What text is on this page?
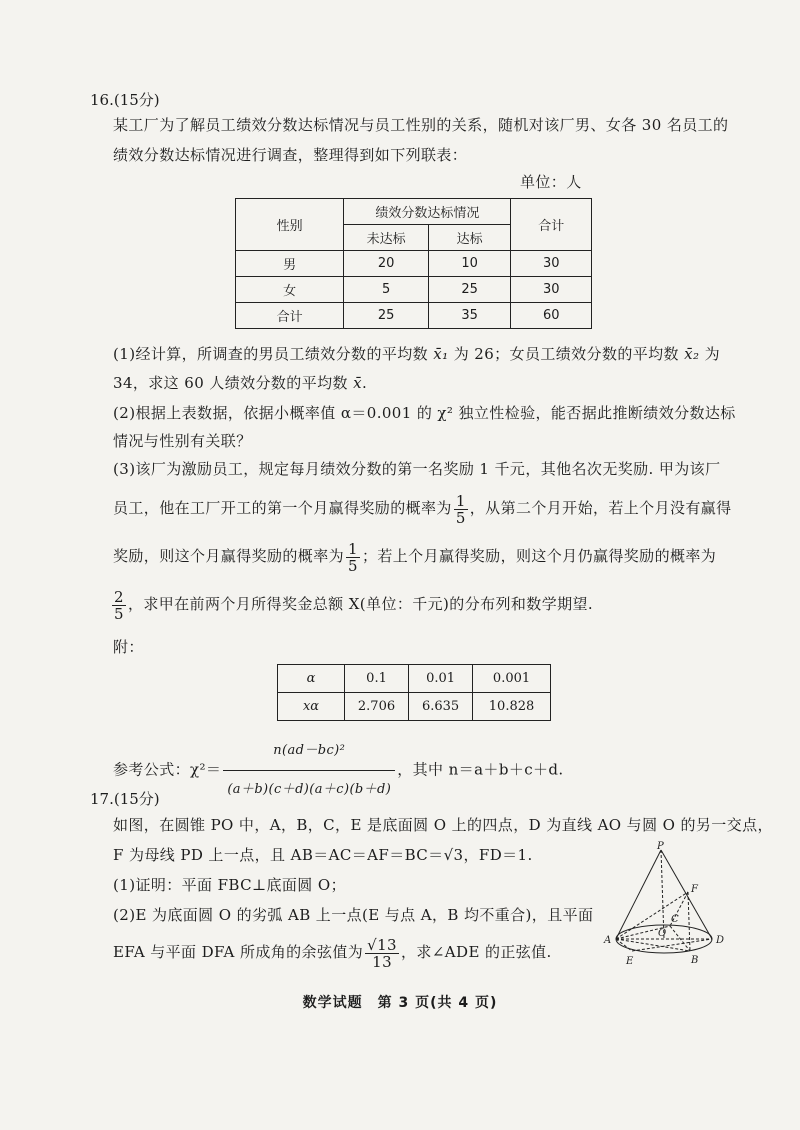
16.(15分)
某工厂为了解员工绩效分数达标情况与员工性别的关系，随机对该厂男、女各 30 名员工的
绩效分数达标情况进行调查，整理得到如下列联表：
单位：人
性别	绩效分数达标情况		合计
	未达标	达标	
男	20	10	30
女	5	25	30
合计	25	35	60
(1)经计算，所调查的男员工绩效分数的平均数 x̄₁ 为 26；女员工绩效分数的平均数 x̄₂ 为
34，求这 60 人绩效分数的平均数 x̄.
(2)根据上表数据，依据小概率值 α＝0.001 的 χ² 独立性检验，能否据此推断绩效分数达标
情况与性别有关联？
(3)该厂为激励员工，规定每月绩效分数的第一名奖励 1 千元，其他名次无奖励. 甲为该厂
员工，他在工厂开工的第一个月赢得奖励的概率为 $\frac{1}{5}$ ，从第二个月开始，若上个月没有赢得
奖励，则这个月赢得奖励的概率为 $\frac{1}{5}$ ；若上个月赢得奖励，则这个月仍赢得奖励的概率为
$\frac{2}{5}$ ，求甲在前两个月所得奖金总额 X(单位：千元)的分布列和数学期望.
附：
α	0.1	0.01	0.001
xα	2.706	6.635	10.828
参考公式：$\chi^2= \frac{\text{n(ad－bc)²}}{(a+b)(c+d)(a+c)(b+d)}$ ，其中 n＝a＋b＋c＋d.
17.(15分)
如图，在圆锥 PO 中，A，B，C，E 是底面圆 O 上的四点，D 为直线 AO 与圆 O 的另一交点，
F 为母线 PD 上一点，且 AB＝AC＝AF＝BC＝√3，FD＝1.
(1)证明：平面 FBC⊥底面圆 O；
(2)E 为底面圆 O 的劣弧 AB 上一点(E 与点 A，B 均不重合)，且平面
EFA 与平面 DFA 所成角的余弦值为 $\frac{√13}{13}$ ，求∠ADE 的正弦值.
P
F
C
O
A	D
E	B
数学试题　第 3 页(共 4 页)
